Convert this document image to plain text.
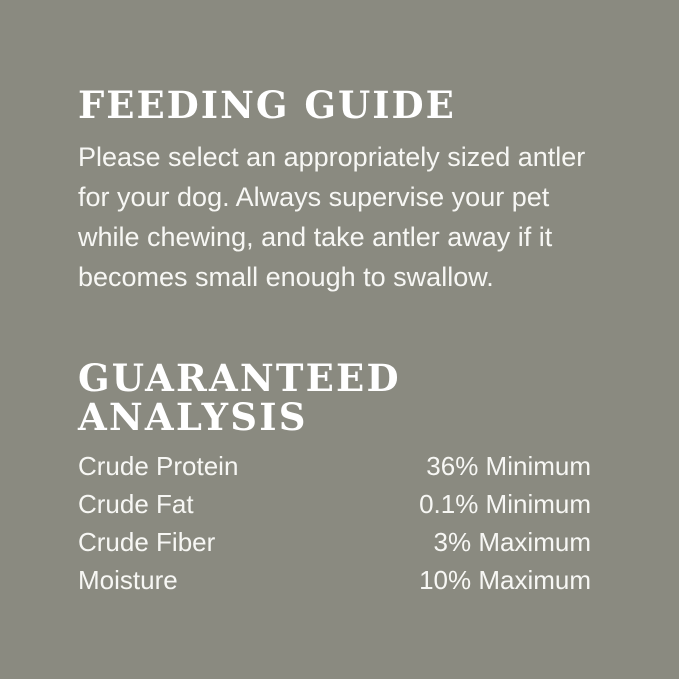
FEEDING GUIDE

Please select an appropriately sized antler for your dog. Always supervise your pet while chewing, and take antler away if it becomes small enough to swallow.

GUARANTEED ANALYSIS
Crude Protein	36% Minimum
Crude Fat	0.1% Minimum
Crude Fiber	3% Maximum
Moisture	10% Maximum
